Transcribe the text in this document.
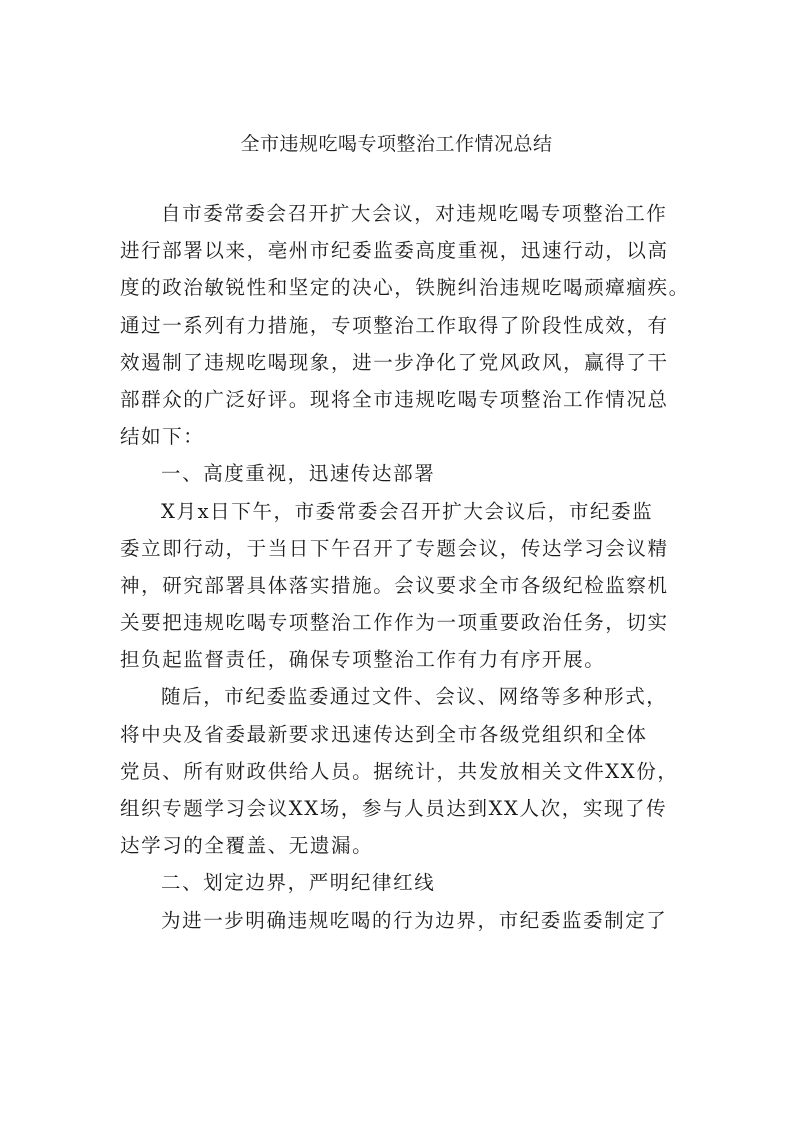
全市违规吃喝专项整治工作情况总结
自市委常委会召开扩大会议，对违规吃喝专项整治工作
进行部署以来，亳州市纪委监委高度重视，迅速行动，以高
度的政治敏锐性和坚定的决心，铁腕纠治违规吃喝顽瘴痼疾。
通过一系列有力措施，专项整治工作取得了阶段性成效，有
效遏制了违规吃喝现象，进一步净化了党风政风，赢得了干
部群众的广泛好评。现将全市违规吃喝专项整治工作情况总
结如下：
一、高度重视，迅速传达部署
X月x日下午，市委常委会召开扩大会议后，市纪委监
委立即行动，于当日下午召开了专题会议，传达学习会议精
神，研究部署具体落实措施。会议要求全市各级纪检监察机
关要把违规吃喝专项整治工作作为一项重要政治任务，切实
担负起监督责任，确保专项整治工作有力有序开展。
随后，市纪委监委通过文件、会议、网络等多种形式，
将中央及省委最新要求迅速传达到全市各级党组织和全体
党员、所有财政供给人员。据统计，共发放相关文件XX份，
组织专题学习会议XX场，参与人员达到XX人次，实现了传
达学习的全覆盖、无遗漏。
二、划定边界，严明纪律红线
为进一步明确违规吃喝的行为边界，市纪委监委制定了
